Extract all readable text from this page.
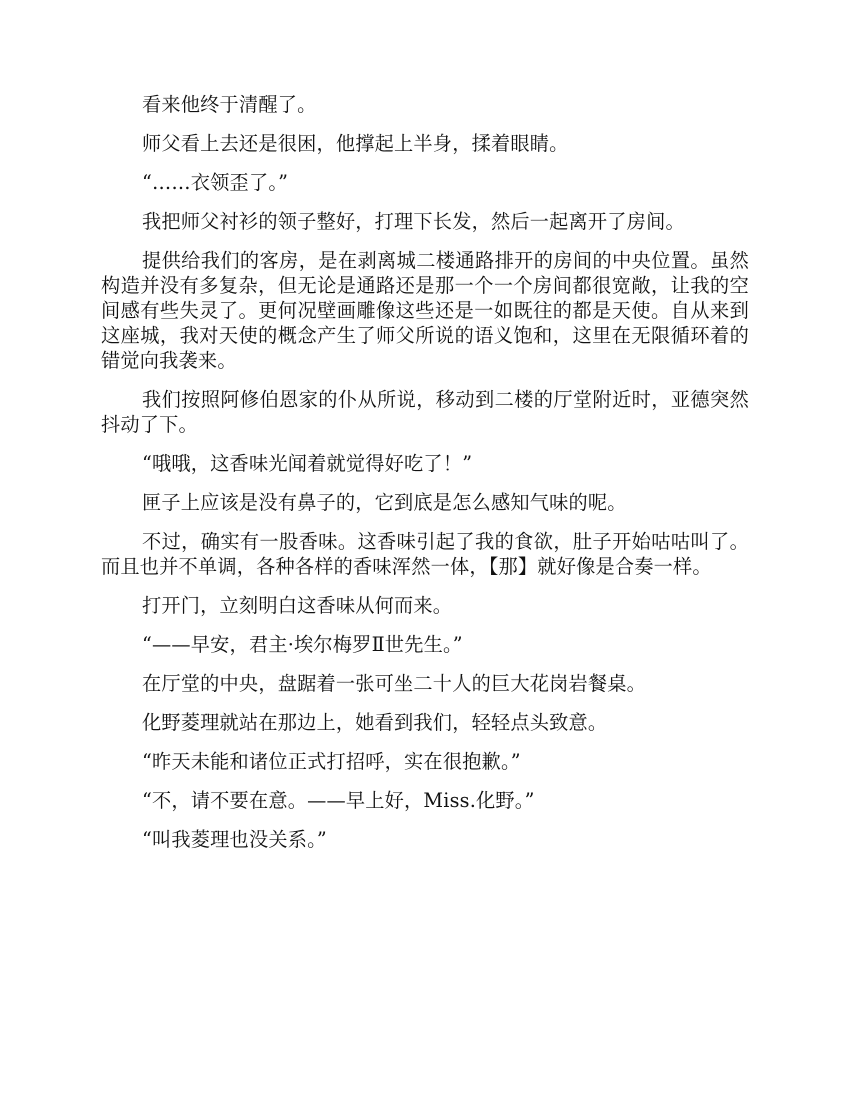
看来他终于清醒了。

师父看上去还是很困，他撑起上半身，揉着眼睛。

“……衣领歪了。”

我把师父衬衫的领子整好，打理下长发，然后一起离开了房间。

提供给我们的客房，是在剥离城二楼通路排开的房间的中央位置。虽然构造并没有多复杂，但无论是通路还是那一个一个房间都很宽敞，让我的空间感有些失灵了。更何况壁画雕像这些还是一如既往的都是天使。自从来到这座城，我对天使的概念产生了师父所说的语义饱和，这里在无限循环着的错觉向我袭来。

我们按照阿修伯恩家的仆从所说，移动到二楼的厅堂附近时，亚德突然抖动了下。

“哦哦，这香味光闻着就觉得好吃了！”

匣子上应该是没有鼻子的，它到底是怎么感知气味的呢。

不过，确实有一股香味。这香味引起了我的食欲，肚子开始咕咕叫了。而且也并不单调，各种各样的香味浑然一体，【那】就好像是合奏一样。

打开门，立刻明白这香味从何而来。

“——早安，君主·埃尔梅罗Ⅱ世先生。”

在厅堂的中央，盘踞着一张可坐二十人的巨大花岗岩餐桌。

化野菱理就站在那边上，她看到我们，轻轻点头致意。

“昨天未能和诸位正式打招呼，实在很抱歉。”

“不，请不要在意。——早上好，Miss.化野。”

“叫我菱理也没关系。”
